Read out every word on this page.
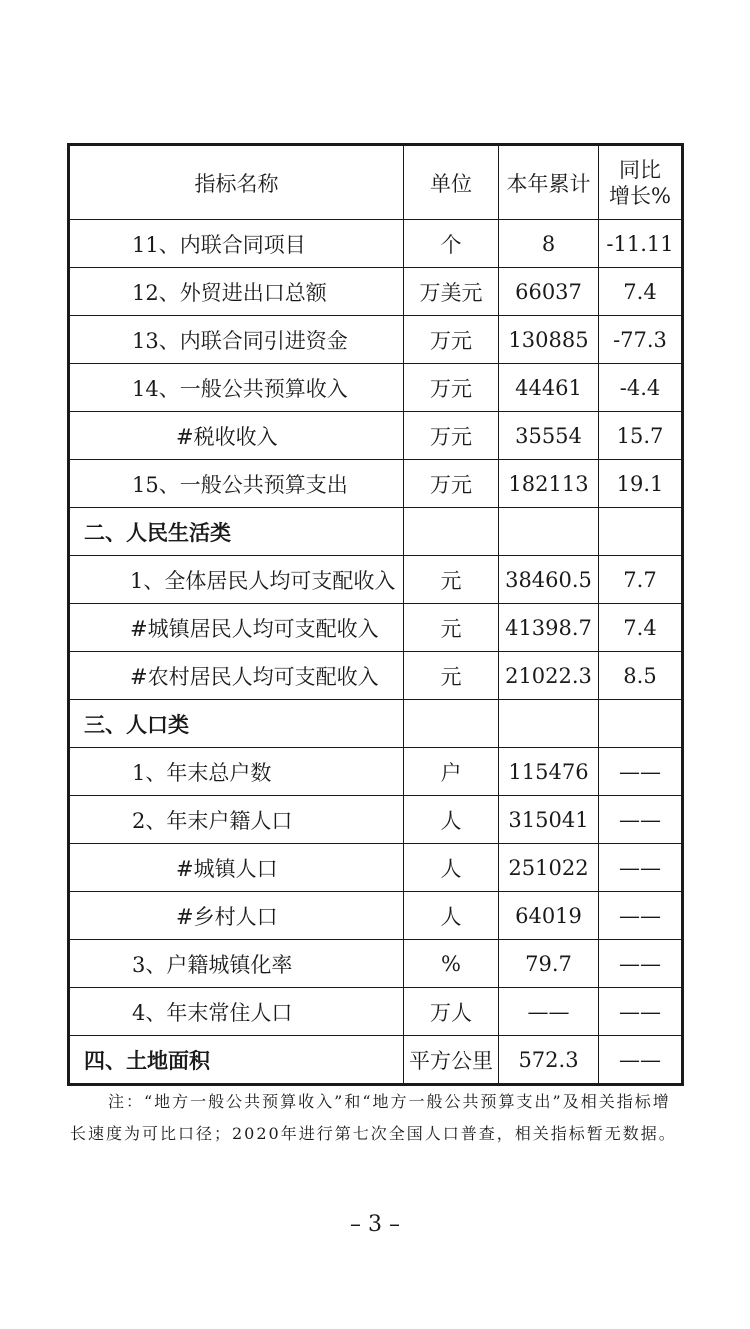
指标名称	单位	本年累计	同比
增长%
11、内联合同项目	个	8	-11.11
12、外贸进出口总额	万美元	66037	7.4
13、内联合同引进资金	万元	130885	-77.3
14、一般公共预算收入	万元	44461	-4.4
#税收收入	万元	35554	15.7
15、一般公共预算支出	万元	182113	19.1
二、人民生活类			
1、全体居民人均可支配收入	元	38460.5	7.7
#城镇居民人均可支配收入	元	41398.7	7.4
#农村居民人均可支配收入	元	21022.3	8.5
三、人口类			
1、年末总户数	户	115476	——
2、年末户籍人口	人	315041	——
#城镇人口	人	251022	——
#乡村人口	人	64019	——
3、户籍城镇化率	%	79.7	——
4、年末常住人口	万人	——	——
四、土地面积	平方公里	572.3	——

注：“地方一般公共预算收入”和“地方一般公共预算支出”及相关指标增长速度为可比口径；2020年进行第七次全国人口普查，相关指标暂无数据。

– 3 –
